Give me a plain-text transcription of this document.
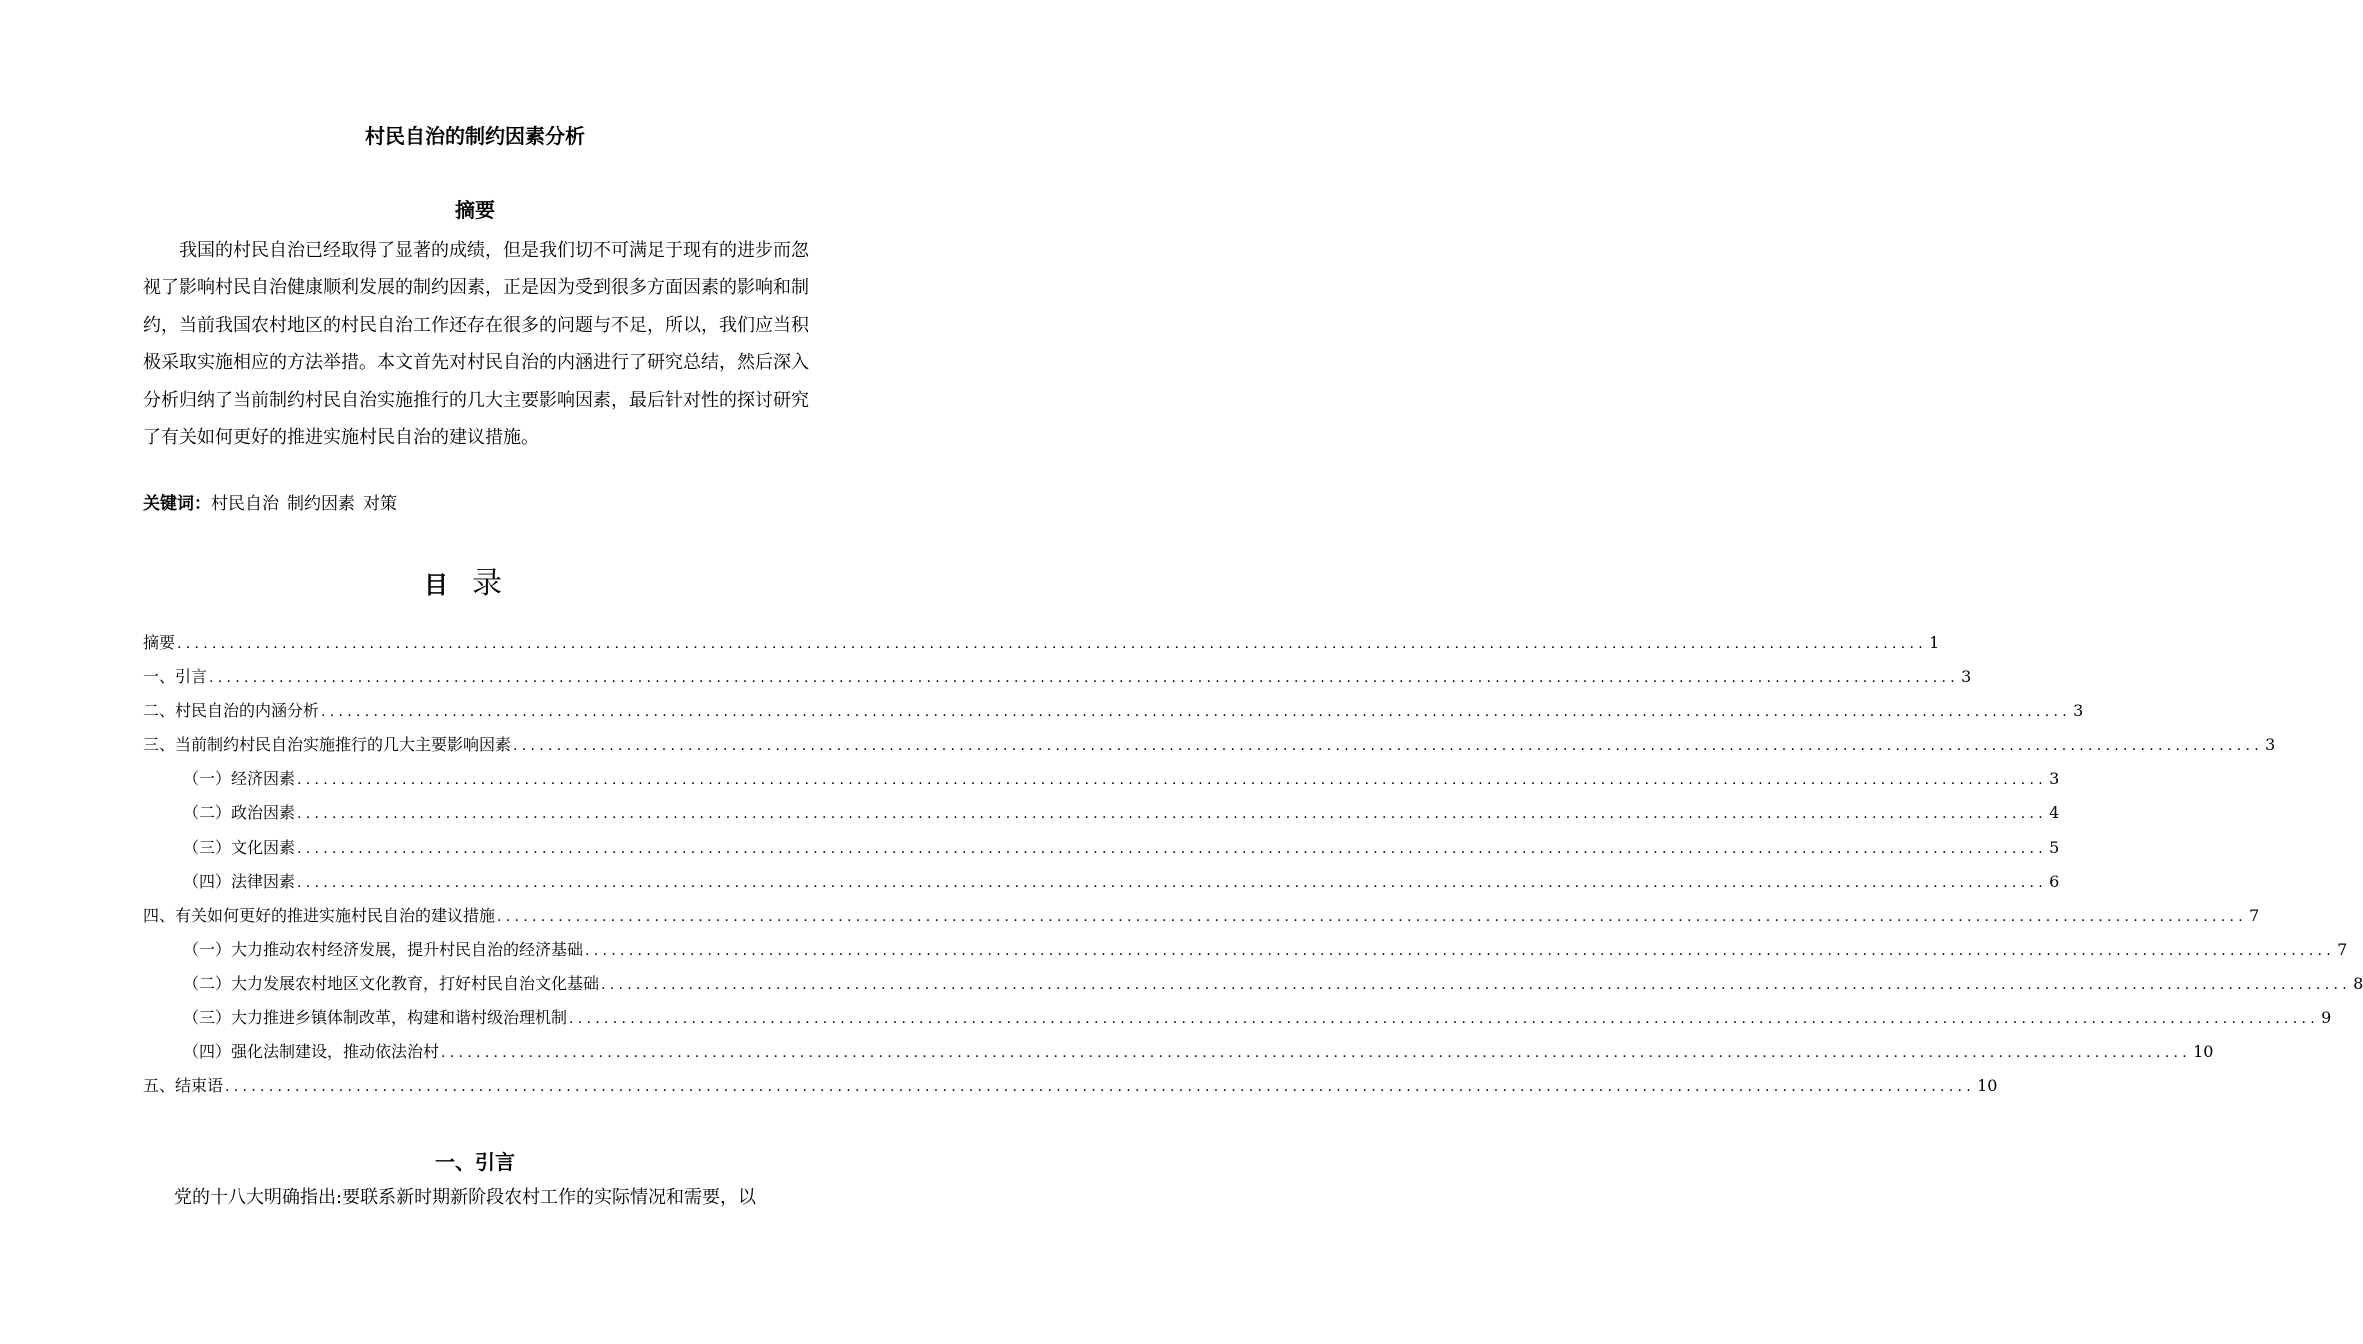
村民自治的制约因素分析
摘要

我国的村民自治已经取得了显著的成绩，但是我们切不可满足于现有的进步而忽视了影响村民自治健康顺利发展的制约因素，正是因为受到很多方面因素的影响和制约，当前我国农村地区的村民自治工作还存在很多的问题与不足，所以，我们应当积极采取实施相应的方法举措。本文首先对村民自治的内涵进行了研究总结，然后深入分析归纳了当前制约村民自治实施推行的几大主要影响因素，最后针对性的探讨研究了有关如何更好的推进实施村民自治的建议措施。

关键词：村民自治 制约因素 对策
目录
摘要 ........................................................................................................................................................................................................ 1
一、引言 ........................................................................................................................................................................................................ 3
二、村民自治的内涵分析 ........................................................................................................................................................................................................ 3
三、当前制约村民自治实施推行的几大主要影响因素 ........................................................................................................................................................................................................ 3
（一）经济因素 ........................................................................................................................................................................................................ 3
（二）政治因素 ........................................................................................................................................................................................................ 4
（三）文化因素 ........................................................................................................................................................................................................ 5
（四）法律因素 ........................................................................................................................................................................................................ 6
四、有关如何更好的推进实施村民自治的建议措施 ........................................................................................................................................................................................................ 7
（一）大力推动农村经济发展，提升村民自治的经济基础 ........................................................................................................................................................................................................ 7
（二）大力发展农村地区文化教育，打好村民自治文化基础 ........................................................................................................................................................................................................ 8
（三）大力推进乡镇体制改革，构建和谐村级治理机制 ........................................................................................................................................................................................................ 9
（四）强化法制建设，推动依法治村 ........................................................................................................................................................................................................ 10
五、结束语 ........................................................................................................................................................................................................ 10
一、引言
党的十八大明确指出:要联系新时期新阶段农村工作的实际情况和需要，以
